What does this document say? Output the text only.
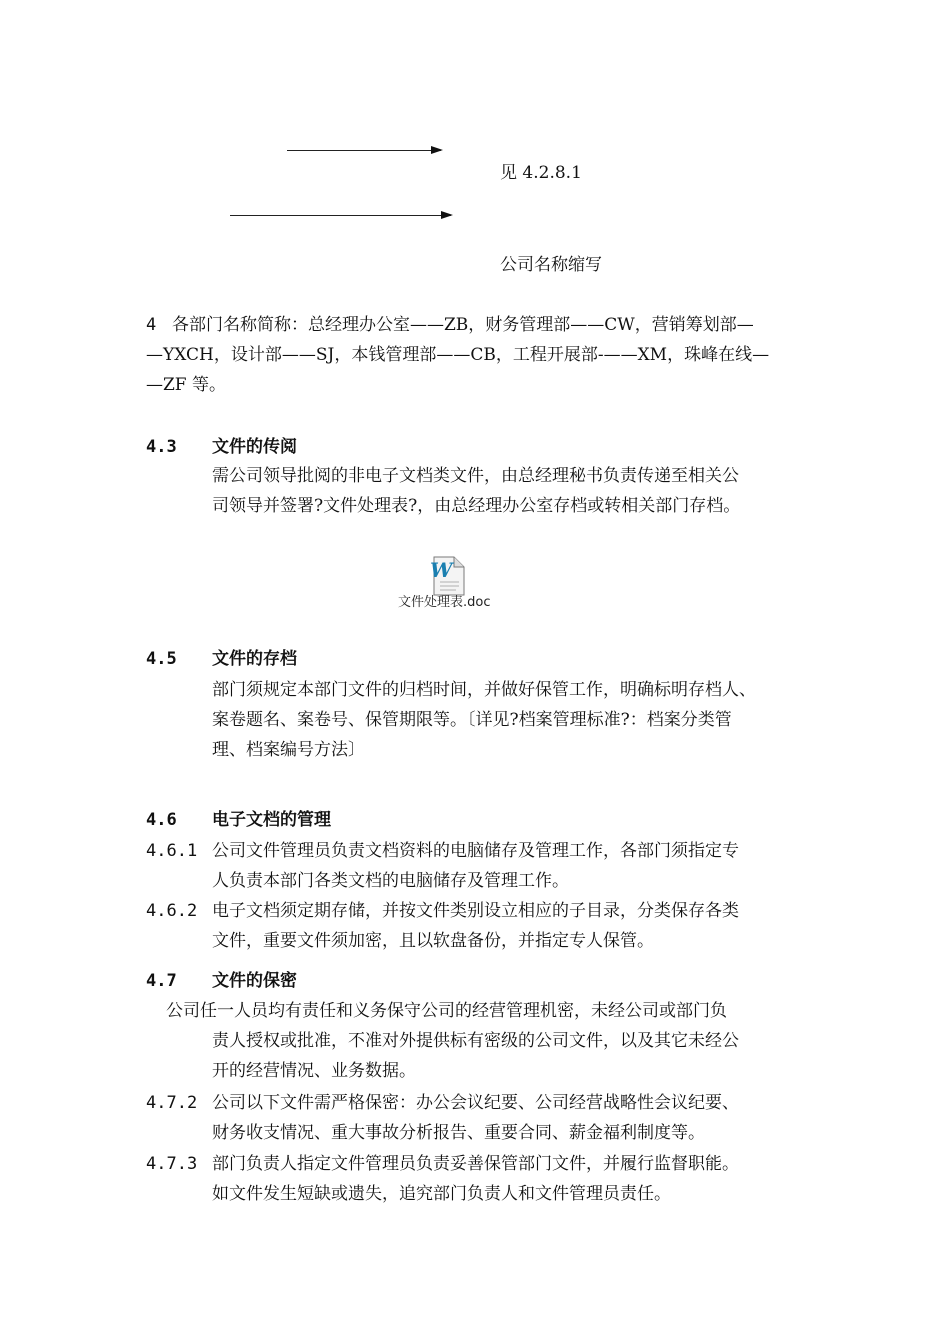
见 4.2.8.1
公司名称缩写
4 各部门名称简称：总经理办公室——ZB，财务管理部——CW，营销筹划部—
—YXCH，设计部——SJ，本钱管理部——CB，工程开展部-——XM，珠峰在线—
—ZF 等。
4.3 文件的传阅
需公司领导批阅的非电子文档类文件，由总经理秘书负责传递至相关公
司领导并签署?文件处理表?，由总经理办公室存档或转相关部门存档。
W
文件处理表.doc
4.5 文件的存档
部门须规定本部门文件的归档时间，并做好保管工作，明确标明存档人、
案卷题名、案卷号、保管期限等。〔详见?档案管理标准?：档案分类管
理、档案编号方法〕
4.6 电子文档的管理
4.6.1 公司文件管理员负责文档资料的电脑储存及管理工作，各部门须指定专
人负责本部门各类文档的电脑储存及管理工作。
4.6.2 电子文档须定期存储，并按文件类别设立相应的子目录，分类保存各类
文件，重要文件须加密，且以软盘备份，并指定专人保管。
4.7 文件的保密
公司任一人员均有责任和义务保守公司的经营管理机密，未经公司或部门负
责人授权或批准，不准对外提供标有密级的公司文件，以及其它未经公
开的经营情况、业务数据。
4.7.2 公司以下文件需严格保密：办公会议纪要、公司经营战略性会议纪要、
财务收支情况、重大事故分析报告、重要合同、薪金福利制度等。
4.7.3 部门负责人指定文件管理员负责妥善保管部门文件，并履行监督职能。
如文件发生短缺或遗失，追究部门负责人和文件管理员责任。
